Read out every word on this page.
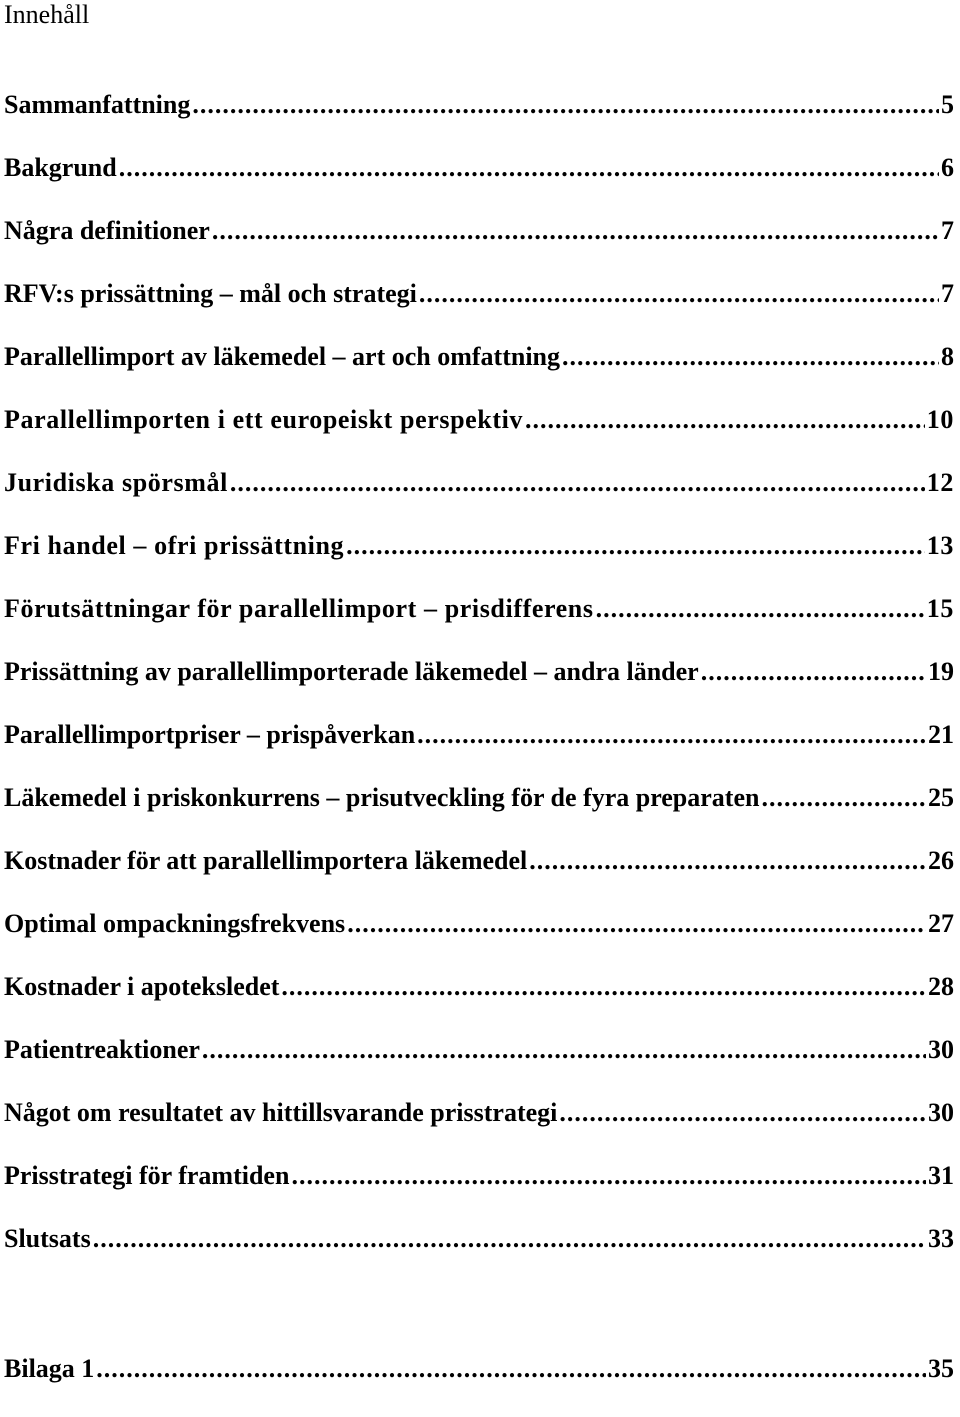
Innehåll
Sammanfattning .....	5
Bakgrund .....	6
Några definitioner .....	7
RFV:s prissättning – mål och strategi .....	7
Parallellimport av läkemedel – art och omfattning .....	8
Parallellimporten i ett europeiskt perspektiv .....	10
Juridiska spörsmål .....	12
Fri handel – ofri prissättning .....	13
Förutsättningar för parallellimport – prisdifferens .....	15
Prissättning av parallellimporterade läkemedel – andra länder .....	19
Parallellimportpriser – prispåverkan .....	21
Läkemedel i priskonkurrens – prisutveckling för de fyra preparaten .....	25
Kostnader för att parallellimportera läkemedel .....	26
Optimal ompackningsfrekvens .....	27
Kostnader i apoteksledet .....	28
Patientreaktioner .....	30
Något om resultatet av hittillsvarande prisstrategi .....	30
Prisstrategi för framtiden .....	31
Slutsats .....	33
Bilaga 1 .....	35
